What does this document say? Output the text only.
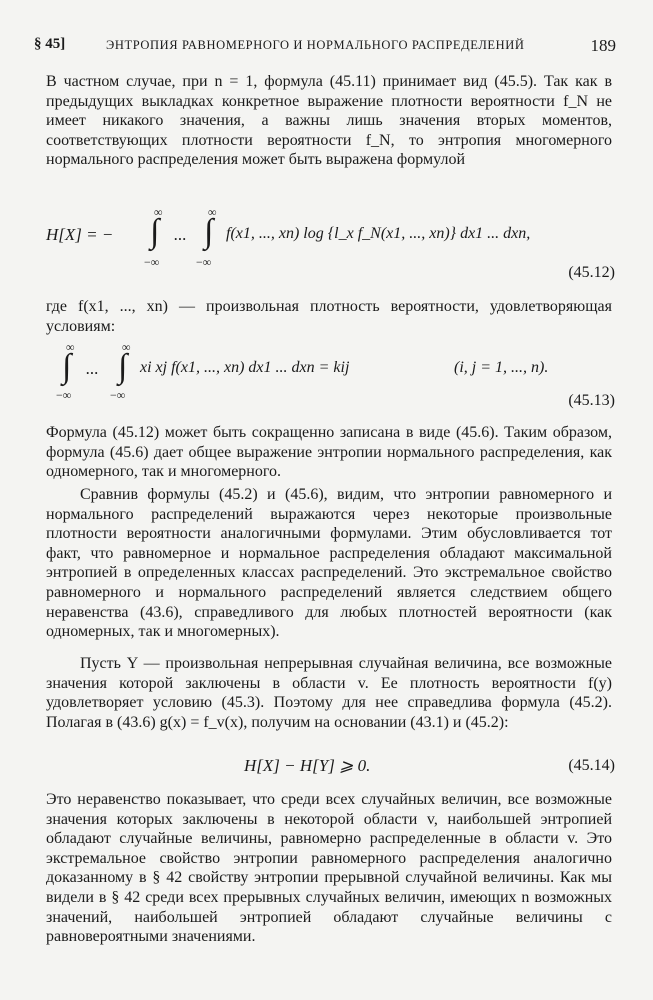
§ 45]	ЭНТРОПИЯ РАВНОМЕРНОГО И НОРМАЛЬНОГО РАСПРЕДЕЛЕНИЙ	189

В частном случае, при n = 1, формула (45.11) принимает вид (45.5). Так как в предыдущих выкладках конкретное выражение плотности вероятности f_N не имеет никакого значения, а важны лишь значения вторых моментов, соответствующих плотности вероятности f_N, то энтропия многомерного нормального распределения может быть выражена формулой

H[X] = −
∞
∫
−∞
...
∞
∫
−∞
f(x1, ..., xn) log {l_x f_N(x1, ..., xn)} dx1 ... dxn,
(45.12)

где f(x1, ..., xn) — произвольная плотность вероятности, удовлетворяющая условиям:

∞
∫
−∞
...
∞
∫
−∞
xi xj f(x1, ..., xn) dx1 ... dxn = kij	(i, j = 1, ..., n).
(45.13)

Формула (45.12) может быть сокращенно записана в виде (45.6). Таким образом, формула (45.6) дает общее выражение энтропии нормального распределения, как одномерного, так и многомерного.

Сравнив формулы (45.2) и (45.6), видим, что энтропии равномерного и нормального распределений выражаются через некоторые произвольные плотности вероятности аналогичными формулами. Этим обусловливается тот факт, что равномерное и нормальное распределения обладают максимальной энтропией в определенных классах распределений. Это экстремальное свойство равномерного и нормального распределений является следствием общего неравенства (43.6), справедливого для любых плотностей вероятности (как одномерных, так и многомерных).

Пусть Y — произвольная непрерывная случайная величина, все возможные значения которой заключены в области v. Ее плотность вероятности f(y) удовлетворяет условию (45.3). Поэтому для нее справедлива формула (45.2). Полагая в (43.6) g(x) = f_v(x), получим на основании (43.1) и (45.2):

H[X] − H[Y] ⩾ 0.	(45.14)

Это неравенство показывает, что среди всех случайных величин, все возможные значения которых заключены в некоторой области v, наибольшей энтропией обладают случайные величины, равномерно распределенные в области v. Это экстремальное свойство энтропии равномерного распределения аналогично доказанному в § 42 свойству энтропии прерывной случайной величины. Как мы видели в § 42 среди всех прерывных случайных величин, имеющих n возможных значений, наибольшей энтропией обладают случайные величины с равновероятными значениями.
